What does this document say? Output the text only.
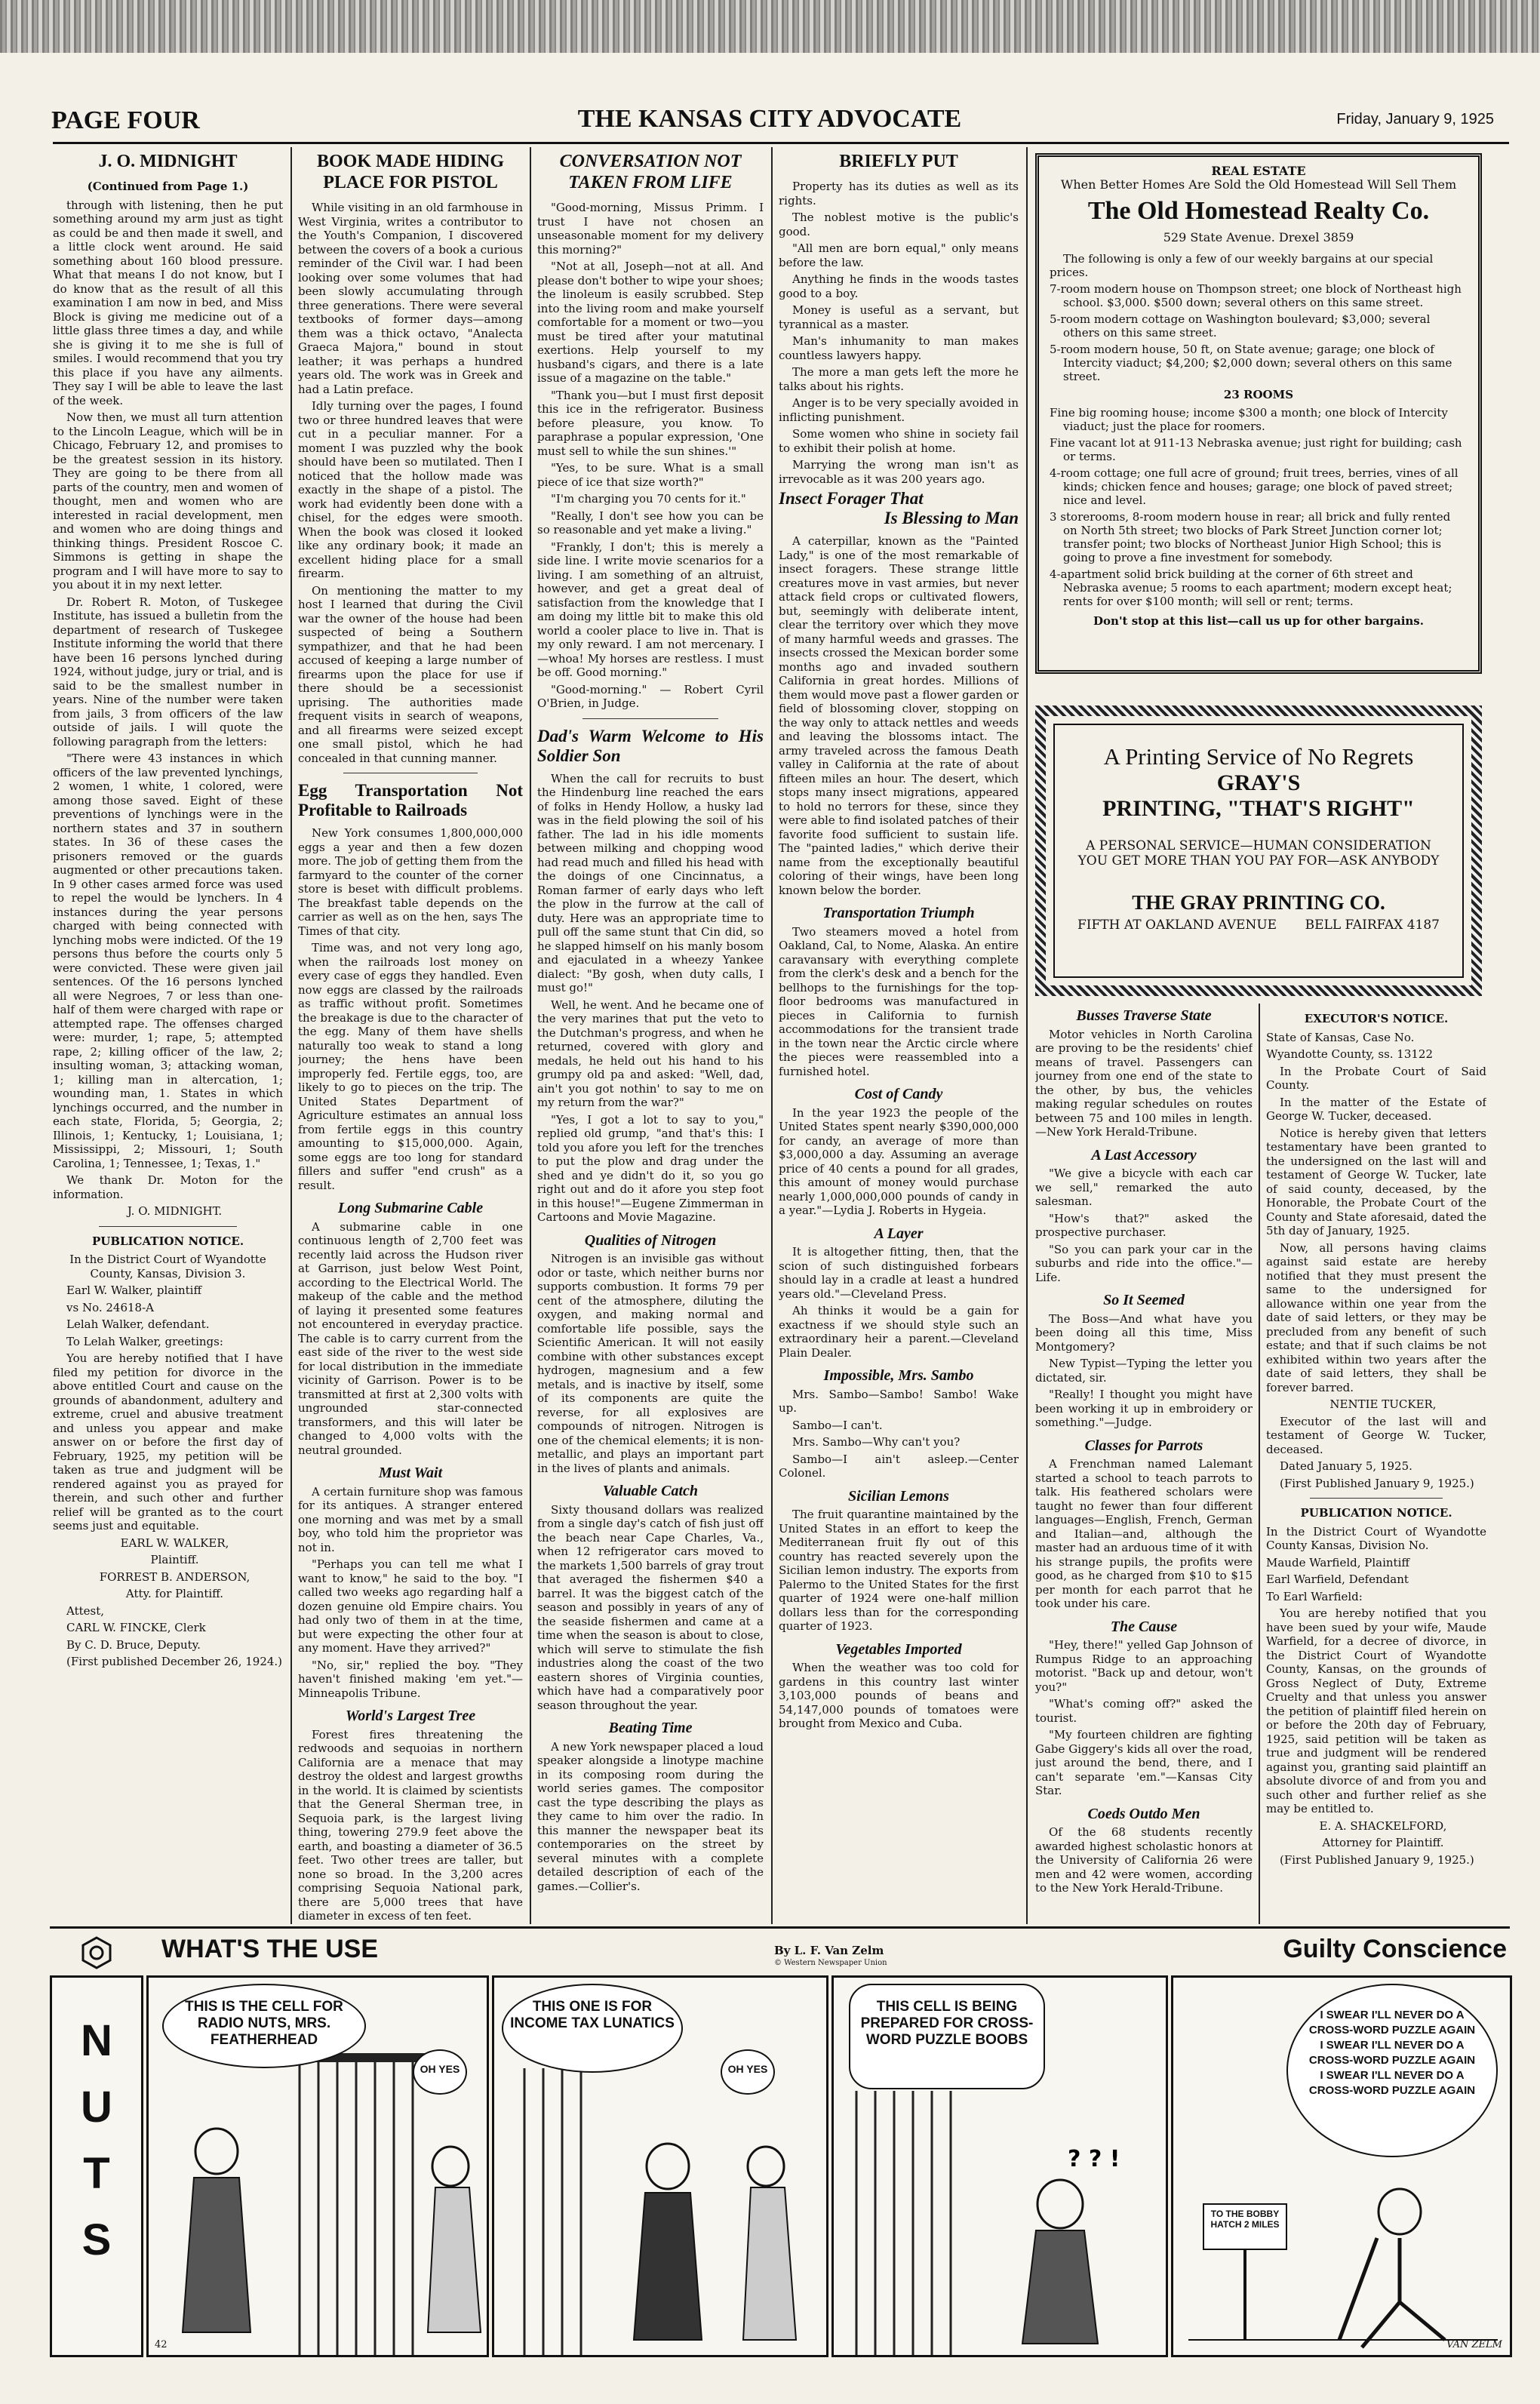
PAGE FOUR	THE KANSAS CITY ADVOCATE	Friday, January 9, 1925
J. O. MIDNIGHT
(Continued from Page 1.)

through with listening, then he put something around my arm just as tight as could be and then made it swell, and a little clock went around. He said something about 160 blood pressure. What that means I do not know, but I do know that as the result of all this examination I am now in bed, and Miss Block is giving me medicine out of a little glass three times a day, and while she is giving it to me she is full of smiles. I would recommend that you try this place if you have any ailments. They say I will be able to leave the last of the week.

Now then, we must all turn attention to the Lincoln League, which will be in Chicago, February 12, and promises to be the greatest session in its history. They are going to be there from all parts of the country, men and women of thought, men and women who are interested in racial development, men and women who are doing things and thinking things. President Roscoe C. Simmons is getting in shape the program and I will have more to say to you about it in my next letter.

Dr. Robert R. Moton, of Tuskegee Institute, has issued a bulletin from the department of research of Tuskegee Institute informing the world that there have been 16 persons lynched during 1924, without judge, jury or trial, and is said to be the smallest number in years. Nine of the number were taken from jails, 3 from officers of the law outside of jails. I will quote the following paragraph from the letters:

"There were 43 instances in which officers of the law prevented lynchings, 2 women, 1 white, 1 colored, were among those saved. Eight of these preventions of lynchings were in the northern states and 37 in southern states. In 36 of these cases the prisoners removed or the guards augmented or other precautions taken. In 9 other cases armed force was used to repel the would be lynchers. In 4 instances during the year persons charged with being connected with lynching mobs were indicted. Of the 19 persons thus before the courts only 5 were convicted. These were given jail sentences. Of the 16 persons lynched all were Negroes, 7 or less than one-half of them were charged with rape or attempted rape. The offenses charged were: murder, 1; rape, 5; attempted rape, 2; killing officer of the law, 2; insulting woman, 3; attacking woman, 1; killing man in altercation, 1; wounding man, 1. States in which lynchings occurred, and the number in each state, Florida, 5; Georgia, 2; Illinois, 1; Kentucky, 1; Louisiana, 1; Mississippi, 2; Missouri, 1; South Carolina, 1; Tennessee, 1; Texas, 1."

We thank Dr. Moton for the information.

J. O. MIDNIGHT.

PUBLICATION NOTICE.

In the District Court of Wyandotte County, Kansas, Division 3.

Earl W. Walker, plaintiff

vs No. 24618-A

Lelah Walker, defendant.

To Lelah Walker, greetings:

You are hereby notified that I have filed my petition for divorce in the above entitled Court and cause on the grounds of abandonment, adultery and extreme, cruel and abusive treatment and unless you appear and make answer on or before the first day of February, 1925, my petition will be taken as true and judgment will be rendered against you as prayed for therein, and such other and further relief will be granted as to the court seems just and equitable.

EARL W. WALKER,

Plaintiff.

FORREST B. ANDERSON,

Atty. for Plaintiff.

Attest,

CARL W. FINCKE, Clerk

By C. D. Bruce, Deputy.

(First published December 26, 1924.)

BOOK MADE HIDING PLACE FOR PISTOL

While visiting in an old farmhouse in West Virginia, writes a contributor to the Youth's Companion, I discovered between the covers of a book a curious reminder of the Civil war. I had been looking over some volumes that had been slowly accumulating through three generations. There were several textbooks of former days—among them was a thick octavo, "Analecta Graeca Majora," bound in stout leather; it was perhaps a hundred years old. The work was in Greek and had a Latin preface.

Idly turning over the pages, I found two or three hundred leaves that were cut in a peculiar manner. For a moment I was puzzled why the book should have been so mutilated. Then I noticed that the hollow made was exactly in the shape of a pistol. The work had evidently been done with a chisel, for the edges were smooth. When the book was closed it looked like any ordinary book; it made an excellent hiding place for a small firearm.

On mentioning the matter to my host I learned that during the Civil war the owner of the house had been suspected of being a Southern sympathizer, and that he had been accused of keeping a large number of firearms upon the place for use if there should be a secessionist uprising. The authorities made frequent visits in search of weapons, and all firearms were seized except one small pistol, which he had concealed in that cunning manner.

Egg Transportation Not Profitable to Railroads

New York consumes 1,800,000,000 eggs a year and then a few dozen more. The job of getting them from the farmyard to the counter of the corner store is beset with difficult problems. The breakfast table depends on the carrier as well as on the hen, says The Times of that city.

Time was, and not very long ago, when the railroads lost money on every case of eggs they handled. Even now eggs are classed by the railroads as traffic without profit. Sometimes the breakage is due to the character of the egg. Many of them have shells naturally too weak to stand a long journey; the hens have been improperly fed. Fertile eggs, too, are likely to go to pieces on the trip. The United States Department of Agriculture estimates an annual loss from fertile eggs in this country amounting to $15,000,000. Again, some eggs are too long for standard fillers and suffer "end crush" as a result.

Long Submarine Cable

A submarine cable in one continuous length of 2,700 feet was recently laid across the Hudson river at Garrison, just below West Point, according to the Electrical World. The makeup of the cable and the method of laying it presented some features not encountered in everyday practice. The cable is to carry current from the east side of the river to the west side for local distribution in the immediate vicinity of Garrison. Power is to be transmitted at first at 2,300 volts with ungrounded star-connected transformers, and this will later be changed to 4,000 volts with the neutral grounded.

Must Wait

A certain furniture shop was famous for its antiques. A stranger entered one morning and was met by a small boy, who told him the proprietor was not in.

"Perhaps you can tell me what I want to know," he said to the boy. "I called two weeks ago regarding half a dozen genuine old Empire chairs. You had only two of them in at the time, but were expecting the other four at any moment. Have they arrived?"

"No, sir," replied the boy. "They haven't finished making 'em yet."—Minneapolis Tribune.

World's Largest Tree

Forest fires threatening the redwoods and sequoias in northern California are a menace that may destroy the oldest and largest growths in the world. It is claimed by scientists that the General Sherman tree, in Sequoia park, is the largest living thing, towering 279.9 feet above the earth, and boasting a diameter of 36.5 feet. Two other trees are taller, but none so broad. In the 3,200 acres comprising Sequoia National park, there are 5,000 trees that have diameter in excess of ten feet.

CONVERSATION NOT TAKEN FROM LIFE

"Good-morning, Missus Primm. I trust I have not chosen an unseasonable moment for my delivery this morning?"

"Not at all, Joseph—not at all. And please don't bother to wipe your shoes; the linoleum is easily scrubbed. Step into the living room and make yourself comfortable for a moment or two—you must be tired after your matutinal exertions. Help yourself to my husband's cigars, and there is a late issue of a magazine on the table."

"Thank you—but I must first deposit this ice in the refrigerator. Business before pleasure, you know. To paraphrase a popular expression, 'One must sell to while the sun shines.'"

"Yes, to be sure. What is a small piece of ice that size worth?"

"I'm charging you 70 cents for it."

"Really, I don't see how you can be so reasonable and yet make a living."

"Frankly, I don't; this is merely a side line. I write movie scenarios for a living. I am something of an altruist, however, and get a great deal of satisfaction from the knowledge that I am doing my little bit to make this old world a cooler place to live in. That is my only reward. I am not mercenary. I—whoa! My horses are restless. I must be off. Good morning."

"Good-morning." — Robert Cyril O'Brien, in Judge.

Dad's Warm Welcome to His Soldier Son

When the call for recruits to bust the Hindenburg line reached the ears of folks in Hendy Hollow, a husky lad was in the field plowing the soil of his father. The lad in his idle moments between milking and chopping wood had read much and filled his head with the doings of one Cincinnatus, a Roman farmer of early days who left the plow in the furrow at the call of duty. Here was an appropriate time to pull off the same stunt that Cin did, so he slapped himself on his manly bosom and ejaculated in a wheezy Yankee dialect: "By gosh, when duty calls, I must go!"

Well, he went. And he became one of the very marines that put the veto to the Dutchman's progress, and when he returned, covered with glory and medals, he held out his hand to his grumpy old pa and asked: "Well, dad, ain't you got nothin' to say to me on my return from the war?"

"Yes, I got a lot to say to you," replied old grump, "and that's this: I told you afore you left for the trenches to put the plow and drag under the shed and ye didn't do it, so you go right out and do it afore you step foot in this house!"—Eugene Zimmerman in Cartoons and Movie Magazine.

Qualities of Nitrogen

Nitrogen is an invisible gas without odor or taste, which neither burns nor supports combustion. It forms 79 per cent of the atmosphere, diluting the oxygen, and making normal and comfortable life possible, says the Scientific American. It will not easily combine with other substances except hydrogen, magnesium and a few metals, and is inactive by itself, some of its components are quite the reverse, for all explosives are compounds of nitrogen. Nitrogen is one of the chemical elements; it is non-metallic, and plays an important part in the lives of plants and animals.

Valuable Catch

Sixty thousand dollars was realized from a single day's catch of fish just off the beach near Cape Charles, Va., when 12 refrigerator cars moved to the markets 1,500 barrels of gray trout that averaged the fishermen $40 a barrel. It was the biggest catch of the season and possibly in years of any of the seaside fishermen and came at a time when the season is about to close, which will serve to stimulate the fish industries along the coast of the two eastern shores of Virginia counties, which have had a comparatively poor season throughout the year.

Beating Time

A new York newspaper placed a loud speaker alongside a linotype machine in its composing room during the world series games. The compositor cast the type describing the plays as they came to him over the radio. In this manner the newspaper beat its contemporaries on the street by several minutes with a complete detailed description of each of the games.—Collier's.

BRIEFLY PUT

Property has its duties as well as its rights.

The noblest motive is the public's good.

"All men are born equal," only means before the law.

Anything he finds in the woods tastes good to a boy.

Money is useful as a servant, but tyrannical as a master.

Man's inhumanity to man makes countless lawyers happy.

The more a man gets left the more he talks about his rights.

Anger is to be very specially avoided in inflicting punishment.

Some women who shine in society fail to exhibit their polish at home.

Marrying the wrong man isn't as irrevocable as it was 200 years ago.

Insect Forager That
Is Blessing to Man

A caterpillar, known as the "Painted Lady," is one of the most remarkable of insect foragers. These strange little creatures move in vast armies, but never attack field crops or cultivated flowers, but, seemingly with deliberate intent, clear the territory over which they move of many harmful weeds and grasses. The insects crossed the Mexican border some months ago and invaded southern California in great hordes. Millions of them would move past a flower garden or field of blossoming clover, stopping on the way only to attack nettles and weeds and leaving the blossoms intact. The army traveled across the famous Death valley in California at the rate of about fifteen miles an hour. The desert, which stops many insect migrations, appeared to hold no terrors for these, since they were able to find isolated patches of their favorite food sufficient to sustain life. The "painted ladies," which derive their name from the exceptionally beautiful coloring of their wings, have been long known below the border.

Transportation Triumph

Two steamers moved a hotel from Oakland, Cal, to Nome, Alaska. An entire caravansary with everything complete from the clerk's desk and a bench for the bellhops to the furnishings for the top-floor bedrooms was manufactured in pieces in California to furnish accommodations for the transient trade in the town near the Arctic circle where the pieces were reassembled into a furnished hotel.

Cost of Candy

In the year 1923 the people of the United States spent nearly $390,000,000 for candy, an average of more than $3,000,000 a day. Assuming an average price of 40 cents a pound for all grades, this amount of money would purchase nearly 1,000,000,000 pounds of candy in a year."—Lydia J. Roberts in Hygeia.

A Layer

It is altogether fitting, then, that the scion of such distinguished forbears should lay in a cradle at least a hundred years old."—Cleveland Press.

Ah thinks it would be a gain for exactness if we should style such an extraordinary heir a parent.—Cleveland Plain Dealer.

Impossible, Mrs. Sambo

Mrs. Sambo—Sambo! Sambo! Wake up.

Sambo—I can't.

Mrs. Sambo—Why can't you?

Sambo—I ain't asleep.—Center Colonel.

Sicilian Lemons

The fruit quarantine maintained by the United States in an effort to keep the Mediterranean fruit fly out of this country has reacted severely upon the Sicilian lemon industry. The exports from Palermo to the United States for the first quarter of 1924 were one-half million dollars less than for the corresponding quarter of 1923.

Vegetables Imported

When the weather was too cold for gardens in this country last winter 3,103,000 pounds of beans and 54,147,000 pounds of tomatoes were brought from Mexico and Cuba.

REAL ESTATE
When Better Homes Are Sold the Old Homestead Will Sell Them
The Old Homestead Realty Co.
529 State Avenue. Drexel 3859
The following is only a few of our weekly bargains at our special prices.
7-room modern house on Thompson street; one block of Northeast high school. $3,000. $500 down; several others on this same street.
5-room modern cottage on Washington boulevard; $3,000; several others on this same street.
5-room modern house, 50 ft, on State avenue; garage; one block of Intercity viaduct; $4,200; $2,000 down; several others on this same street.
23 ROOMS
Fine big rooming house; income $300 a month; one block of Intercity viaduct; just the place for roomers.
Fine vacant lot at 911-13 Nebraska avenue; just right for building; cash or terms.
4-room cottage; one full acre of ground; fruit trees, berries, vines of all kinds; chicken fence and houses; garage; one block of paved street; nice and level.
3 storerooms, 8-room modern house in rear; all brick and fully rented on North 5th street; two blocks of Park Street Junction corner lot; transfer point; two blocks of Northeast Junior High School; this is going to prove a fine investment for somebody.
4-apartment solid brick building at the corner of 6th street and Nebraska avenue; 5 rooms to each apartment; modern except heat; rents for over $100 month; will sell or rent; terms.
Don't stop at this list—call us up for other bargains.
A Printing Service of No Regrets
GRAY'S
PRINTING, "THAT'S RIGHT"
A PERSONAL SERVICE—HUMAN CONSIDERATION
YOU GET MORE THAN YOU PAY FOR—ASK ANYBODY
THE GRAY PRINTING CO.
FIFTH AT OAKLAND AVENUE BELL FAIRFAX 4187
Busses Traverse State

Motor vehicles in North Carolina are proving to be the residents' chief means of travel. Passengers can journey from one end of the state to the other, by bus, the vehicles making regular schedules on routes between 75 and 100 miles in length.—New York Herald-Tribune.

A Last Accessory

"We give a bicycle with each car we sell," remarked the auto salesman.

"How's that?" asked the prospective purchaser.

"So you can park your car in the suburbs and ride into the office."—Life.

So It Seemed

The Boss—And what have you been doing all this time, Miss Montgomery?

New Typist—Typing the letter you dictated, sir.

"Really! I thought you might have been working it up in embroidery or something."—Judge.

Classes for Parrots

A Frenchman named Lalemant started a school to teach parrots to talk. His feathered scholars were taught no fewer than four different languages—English, French, German and Italian—and, although the master had an arduous time of it with his strange pupils, the profits were good, as he charged from $10 to $15 per month for each parrot that he took under his care.

The Cause

"Hey, there!" yelled Gap Johnson of Rumpus Ridge to an approaching motorist. "Back up and detour, won't you?"

"What's coming off?" asked the tourist.

"My fourteen children are fighting Gabe Giggery's kids all over the road, just around the bend, there, and I can't separate 'em."—Kansas City Star.

Coeds Outdo Men

Of the 68 students recently awarded highest scholastic honors at the University of California 26 were men and 42 were women, according to the New York Herald-Tribune.

EXECUTOR'S NOTICE.

State of Kansas, Case No.

Wyandotte County, ss. 13122

In the Probate Court of Said County.

In the matter of the Estate of George W. Tucker, deceased.

Notice is hereby given that letters testamentary have been granted to the undersigned on the last will and testament of George W. Tucker, late of said county, deceased, by the Honorable, the Probate Court of the County and State aforesaid, dated the 5th day of January, 1925.

Now, all persons having claims against said estate are hereby notified that they must present the same to the undersigned for allowance within one year from the date of said letters, or they may be precluded from any benefit of such estate; and that if such claims be not exhibited within two years after the date of said letters, they shall be forever barred.

NENTIE TUCKER,

Executor of the last will and testament of George W. Tucker, deceased.

Dated January 5, 1925.

(First Published January 9, 1925.)

PUBLICATION NOTICE.

In the District Court of Wyandotte County Kansas, Division No.

Maude Warfield, Plaintiff

Earl Warfield, Defendant

To Earl Warfield:

You are hereby notified that you have been sued by your wife, Maude Warfield, for a decree of divorce, in the District Court of Wyandotte County, Kansas, on the grounds of Gross Neglect of Duty, Extreme Cruelty and that unless you answer the petition of plaintiff filed herein on or before the 20th day of February, 1925, said petition will be taken as true and judgment will be rendered against you, granting said plaintiff an absolute divorce of and from you and such other and further relief as she may be entitled to.

E. A. SHACKELFORD,

Attorney for Plaintiff.

(First Published January 9, 1925.)

WHAT'S THE USE	By L. F. Van Zelm
© Western Newspaper Union	Guilty Conscience
N
U
T
S
THIS IS THE CELL FOR RADIO NUTS, MRS. FEATHERHEAD
OH YES
42
THIS ONE IS FOR INCOME TAX LUNATICS
OH YES
? ? !
THIS CELL IS BEING PREPARED FOR CROSS-WORD PUZZLE BOOBS
I SWEAR I'LL NEVER DO A CROSS-WORD PUZZLE AGAIN I SWEAR I'LL NEVER DO A CROSS-WORD PUZZLE AGAIN I SWEAR I'LL NEVER DO A CROSS-WORD PUZZLE AGAIN
TO THE BOBBY HATCH 2 MILES
VAN ZELM
